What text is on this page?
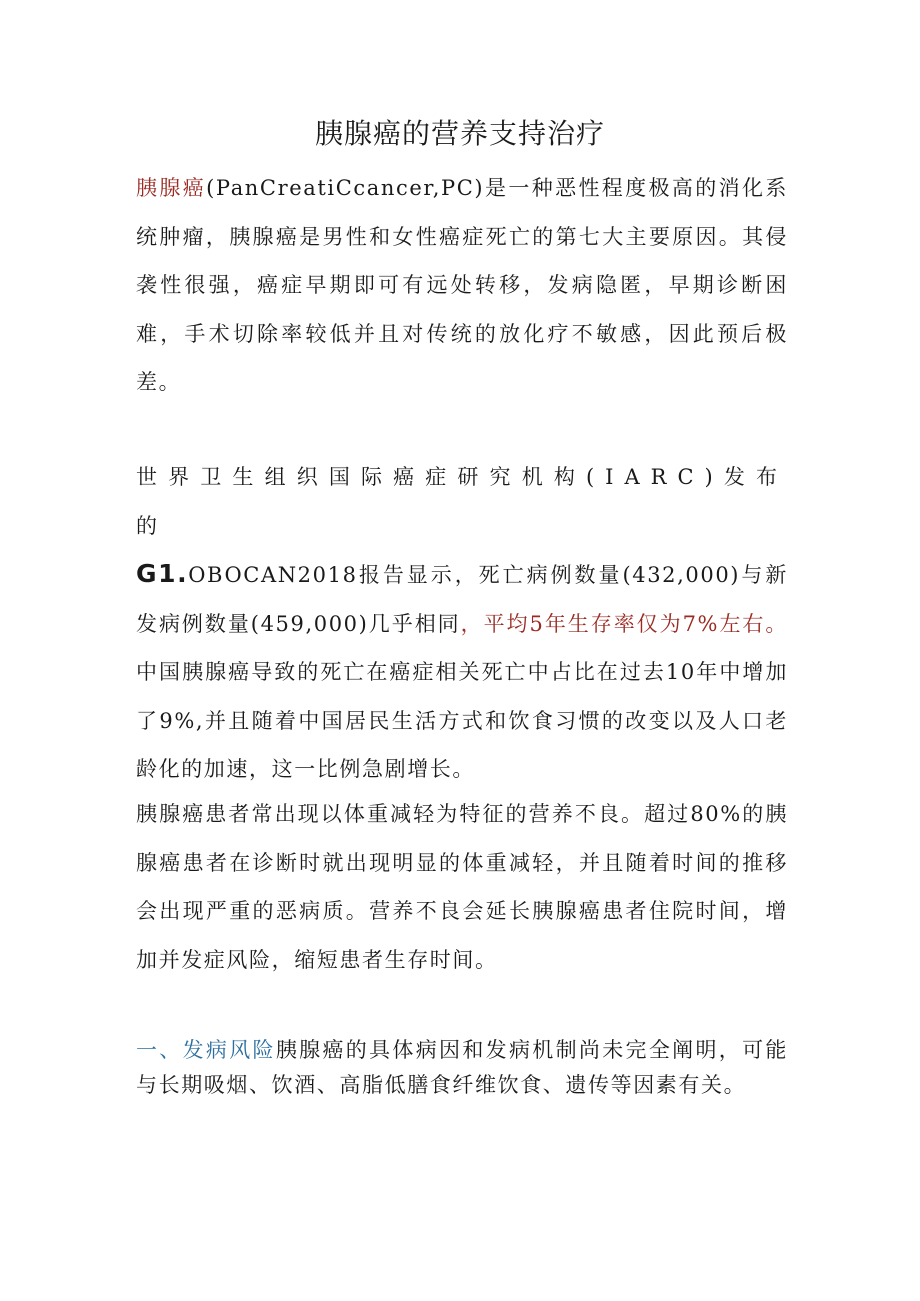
胰腺癌的营养支持治疗
胰腺癌(PanCreatiCcancer,PC)是一种恶性程度极高的消化系统肿瘤，胰腺癌是男性和女性癌症死亡的第七大主要原因。其侵袭性很强，癌症早期即可有远处转移，发病隐匿，早期诊断困难，手术切除率较低并且对传统的放化疗不敏感，因此预后极差。
世界卫生组织国际癌症研究机构(IARC)发布的
G1.OBOCAN2018报告显示，死亡病例数量(432,000)与新发病例数量(459,000)几乎相同，平均5年生存率仅为7%左右。中国胰腺癌导致的死亡在癌症相关死亡中占比在过去10年中增加了9%,并且随着中国居民生活方式和饮食习惯的改变以及人口老龄化的加速，这一比例急剧增长。
胰腺癌患者常出现以体重减轻为特征的营养不良。超过80%的胰腺癌患者在诊断时就出现明显的体重减轻，并且随着时间的推移会出现严重的恶病质。营养不良会延长胰腺癌患者住院时间，增加并发症风险，缩短患者生存时间。
一、发病风险胰腺癌的具体病因和发病机制尚未完全阐明，可能与长期吸烟、饮酒、高脂低膳食纤维饮食、遗传等因素有关。
